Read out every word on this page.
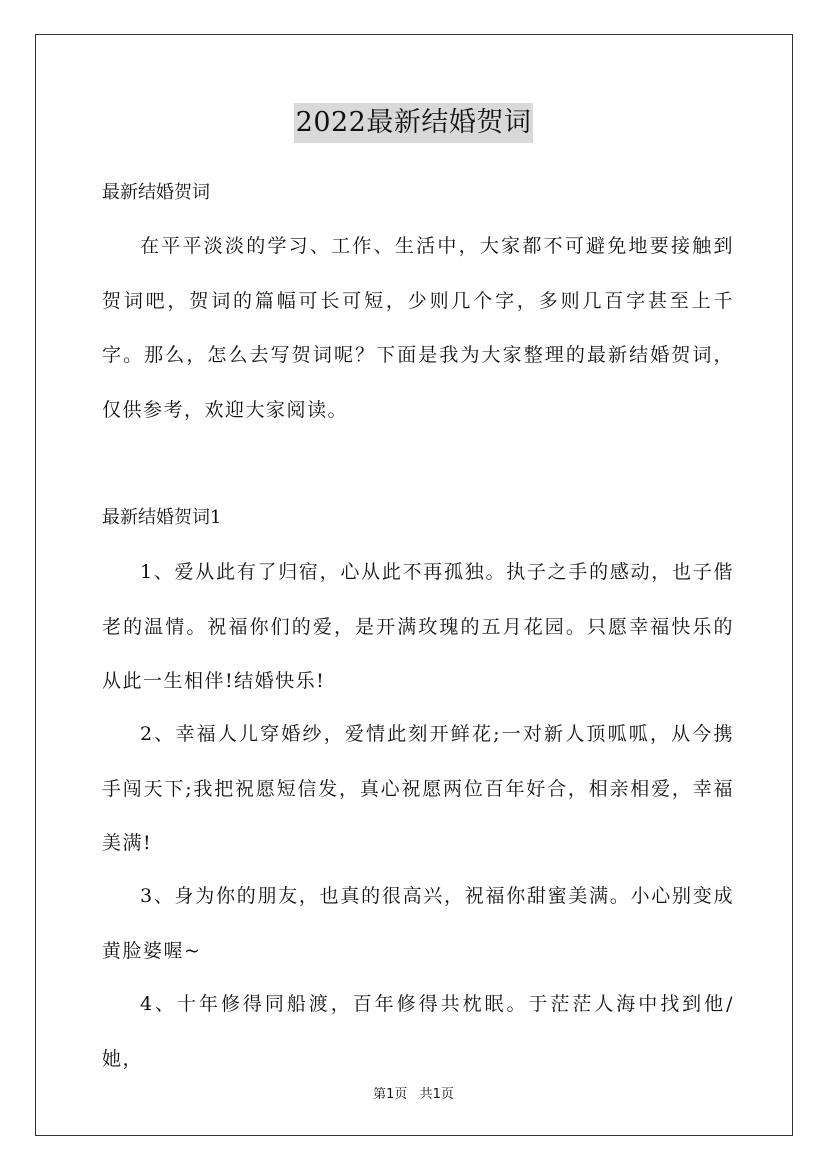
2022最新结婚贺词
最新结婚贺词
在平平淡淡的学习、工作、生活中，大家都不可避免地要接触到贺词吧，贺词的篇幅可长可短，少则几个字，多则几百字甚至上千字。那么，怎么去写贺词呢？下面是我为大家整理的最新结婚贺词，仅供参考，欢迎大家阅读。
最新结婚贺词1
1、爱从此有了归宿，心从此不再孤独。执子之手的感动，也子偕老的温情。祝福你们的爱，是开满玫瑰的五月花园。只愿幸福快乐的从此一生相伴!结婚快乐!
2、幸福人儿穿婚纱，爱情此刻开鲜花;一对新人顶呱呱，从今携手闯天下;我把祝愿短信发，真心祝愿两位百年好合，相亲相爱，幸福美满!
3、身为你的朋友，也真的很高兴，祝福你甜蜜美满。小心别变成黄脸婆喔~
4、十年修得同船渡，百年修得共枕眠。于茫茫人海中找到他/她，
第1页 共1页
